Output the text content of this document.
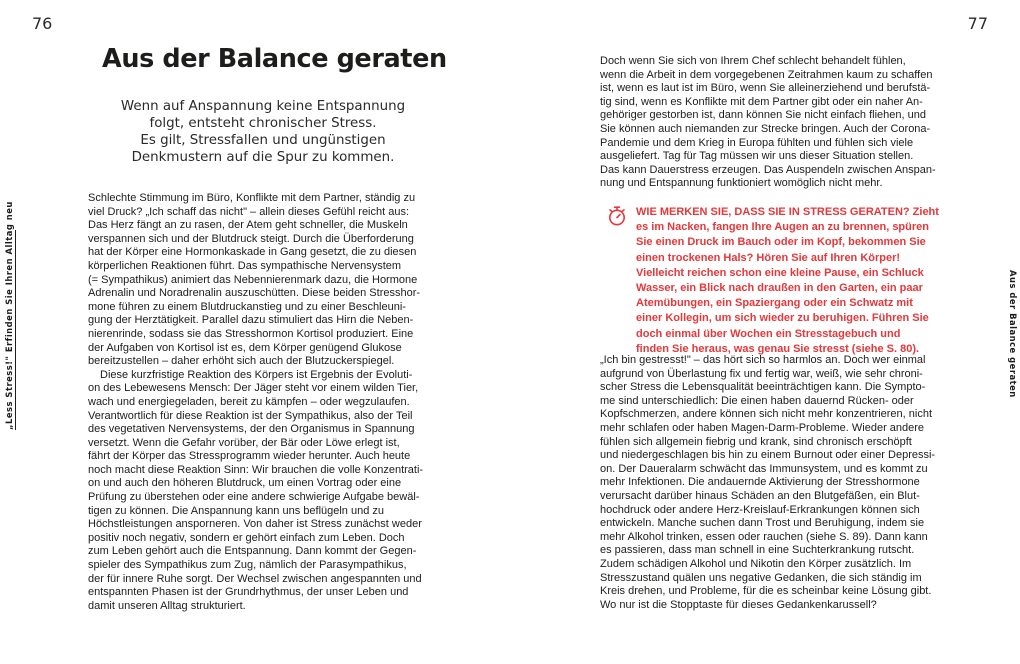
76	77
„Less Stress!" Erfinden Sie Ihren Alltag neu	Aus der Balance geraten
Aus der Balance geraten
Wenn auf Anspannung keine Entspannung
folgt, entsteht chronischer Stress.
Es gilt, Stressfallen und ungünstigen
Denkmustern auf die Spur zu kommen.

Schlechte Stimmung im Büro, Konflikte mit dem Partner, ständig zu
viel Druck? „Ich schaff das nicht" – allein dieses Gefühl reicht aus:
Das Herz fängt an zu rasen, der Atem geht schneller, die Muskeln
verspannen sich und der Blutdruck steigt. Durch die Überforderung
hat der Körper eine Hormonkaskade in Gang gesetzt, die zu diesen
körperlichen Reaktionen führt. Das sympathische Nervensystem
(= Sympathikus) animiert das Nebennierenmark dazu, die Hormone
Adrenalin und Noradrenalin auszuschütten. Diese beiden Stresshor-
mone führen zu einem Blutdruckanstieg und zu einer Beschleuni-
gung der Herztätigkeit. Parallel dazu stimuliert das Hirn die Neben-
nierenrinde, sodass sie das Stresshormon Kortisol produziert. Eine
der Aufgaben von Kortisol ist es, dem Körper genügend Glukose
bereitzustellen – daher erhöht sich auch der Blutzuckerspiegel.

Diese kurzfristige Reaktion des Körpers ist Ergebnis der Evoluti-
on des Lebewesens Mensch: Der Jäger steht vor einem wilden Tier,
wach und energiegeladen, bereit zu kämpfen – oder wegzulaufen.
Verantwortlich für diese Reaktion ist der Sympathikus, also der Teil
des vegetativen Nervensystems, der den Organismus in Spannung
versetzt. Wenn die Gefahr vorüber, der Bär oder Löwe erlegt ist,
fährt der Körper das Stressprogramm wieder herunter. Auch heute
noch macht diese Reaktion Sinn: Wir brauchen die volle Konzentrati-
on und auch den höheren Blutdruck, um einen Vortrag oder eine
Prüfung zu überstehen oder eine andere schwierige Aufgabe bewäl-
tigen zu können. Die Anspannung kann uns beflügeln und zu
Höchstleistungen ansporneren. Von daher ist Stress zunächst weder
positiv noch negativ, sondern er gehört einfach zum Leben. Doch
zum Leben gehört auch die Entspannung. Dann kommt der Gegen-
spieler des Sympathikus zum Zug, nämlich der Parasympathikus,
der für innere Ruhe sorgt. Der Wechsel zwischen angespannten und
entspannten Phasen ist der Grundrhythmus, der unser Leben und
damit unseren Alltag strukturiert.

Doch wenn Sie sich von Ihrem Chef schlecht behandelt fühlen,
wenn die Arbeit in dem vorgegebenen Zeitrahmen kaum zu schaffen
ist, wenn es laut ist im Büro, wenn Sie alleinerziehend und berufstä-
tig sind, wenn es Konflikte mit dem Partner gibt oder ein naher An-
gehöriger gestorben ist, dann können Sie nicht einfach fliehen, und
Sie können auch niemanden zur Strecke bringen. Auch der Corona-
Pandemie und dem Krieg in Europa fühlten und fühlen sich viele
ausgeliefert. Tag für Tag müssen wir uns dieser Situation stellen.
Das kann Dauerstress erzeugen. Das Auspendeln zwischen Anspan-
nung und Entspannung funktioniert womöglich nicht mehr.

WIE MERKEN SIE, DASS SIE IN STRESS GERATEN? Zieht
es im Nacken, fangen Ihre Augen an zu brennen, spüren
Sie einen Druck im Bauch oder im Kopf, bekommen Sie
einen trockenen Hals? Hören Sie auf Ihren Körper!
Vielleicht reichen schon eine kleine Pause, ein Schluck
Wasser, ein Blick nach draußen in den Garten, ein paar
Atemübungen, ein Spaziergang oder ein Schwatz mit
einer Kollegin, um sich wieder zu beruhigen. Führen Sie
doch einmal über Wochen ein Stresstagebuch und
finden Sie heraus, was genau Sie stresst (siehe S. 80).

„Ich bin gestresst!" – das hört sich so harmlos an. Doch wer einmal
aufgrund von Überlastung fix und fertig war, weiß, wie sehr chroni-
scher Stress die Lebensqualität beeinträchtigen kann. Die Sympto-
me sind unterschiedlich: Die einen haben dauernd Rücken- oder
Kopfschmerzen, andere können sich nicht mehr konzentrieren, nicht
mehr schlafen oder haben Magen-Darm-Probleme. Wieder andere
fühlen sich allgemein fiebrig und krank, sind chronisch erschöpft
und niedergeschlagen bis hin zu einem Burnout oder einer Depressi-
on. Der Daueralarm schwächt das Immunsystem, und es kommt zu
mehr Infektionen. Die andauernde Aktivierung der Stresshormone
verursacht darüber hinaus Schäden an den Blutgefäßen, ein Blut-
hochdruck oder andere Herz-Kreislauf-Erkrankungen können sich
entwickeln. Manche suchen dann Trost und Beruhigung, indem sie
mehr Alkohol trinken, essen oder rauchen (siehe S. 89). Dann kann
es passieren, dass man schnell in eine Suchterkrankung rutscht.
Zudem schädigen Alkohol und Nikotin den Körper zusätzlich. Im
Stresszustand quälen uns negative Gedanken, die sich ständig im
Kreis drehen, und Probleme, für die es scheinbar keine Lösung gibt.
Wo nur ist die Stopptaste für dieses Gedankenkarussell?
